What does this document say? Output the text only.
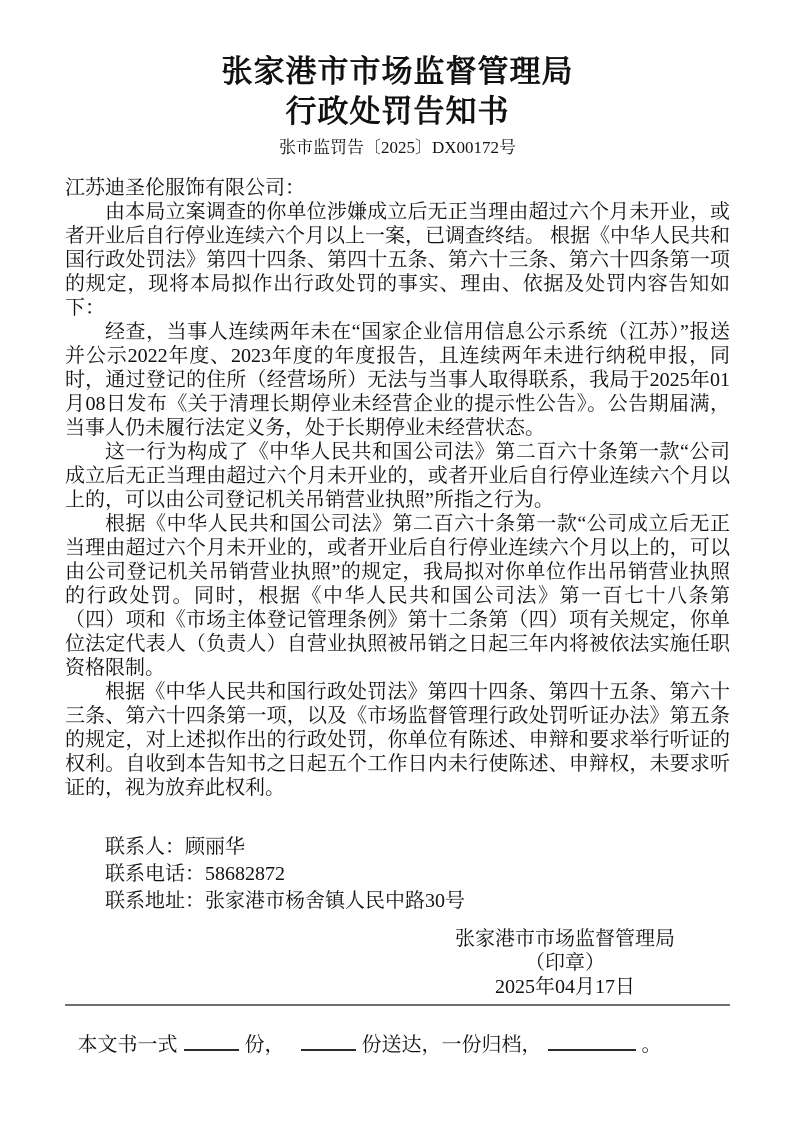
张家港市市场监督管理局
行政处罚告知书
张市监罚告〔2025〕DX00172号

江苏迪圣伦服饰有限公司：

由本局立案调查的你单位涉嫌成立后无正当理由超过六个月未开业，或者开业后自行停业连续六个月以上一案，已调查终结。 根据《中华人民共和国行政处罚法》第四十四条、第四十五条、第六十三条、第六十四条第一项的规定，现将本局拟作出行政处罚的事实、理由、依据及处罚内容告知如下：

经查，当事人连续两年未在“国家企业信用信息公示系统（江苏）”报送并公示2022年度、2023年度的年度报告，且连续两年未进行纳税申报，同时，通过登记的住所（经营场所）无法与当事人取得联系，我局于2025年01月08日发布《关于清理长期停业未经营企业的提示性公告》。公告期届满，当事人仍未履行法定义务，处于长期停业未经营状态。

这一行为构成了《中华人民共和国公司法》第二百六十条第一款“公司成立后无正当理由超过六个月未开业的，或者开业后自行停业连续六个月以上的，可以由公司登记机关吊销营业执照”所指之行为。

根据《中华人民共和国公司法》第二百六十条第一款“公司成立后无正当理由超过六个月未开业的，或者开业后自行停业连续六个月以上的，可以由公司登记机关吊销营业执照”的规定，我局拟对你单位作出吊销营业执照的行政处罚。同时，根据《中华人民共和国公司法》第一百七十八条第（四）项和《市场主体登记管理条例》第十二条第（四）项有关规定，你单位法定代表人（负责人）自营业执照被吊销之日起三年内将被依法实施任职资格限制。

根据《中华人民共和国行政处罚法》第四十四条、第四十五条、第六十三条、第六十四条第一项，以及《市场监督管理行政处罚听证办法》第五条的规定，对上述拟作出的行政处罚，你单位有陈述、申辩和要求举行听证的权利。自收到本告知书之日起五个工作日内未行使陈述、申辩权，未要求听证的，视为放弃此权利。

联系人：顾丽华

联系电话：58682872

联系地址：张家港市杨舍镇人民中路30号

张家港市市场监督管理局

（印章）

2025年04月17日

本文书一式	份，	份送达，一份归档，	。
